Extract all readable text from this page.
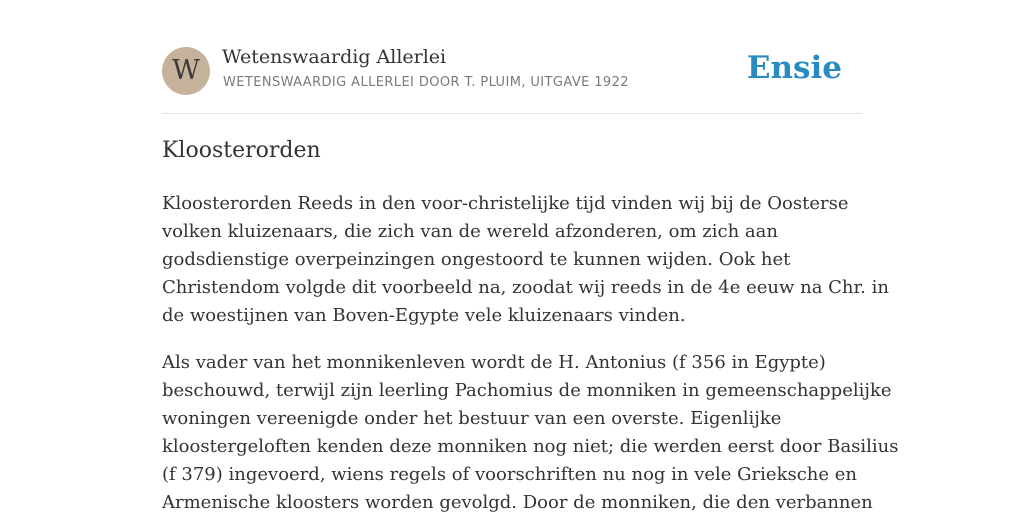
W	Wetenswaardig Allerlei
WETENSWAARDIG ALLERLEI DOOR T. PLUIM, UITGAVE 1922	Ensie
Kloosterorden

Kloosterorden Reeds in den voor-christelijke tijd vinden wij bij de Oosterse
volken kluizenaars, die zich van de wereld afzonderen, om zich aan
godsdienstige overpeinzingen ongestoord te kunnen wijden. Ook het
Christendom volgde dit voorbeeld na, zoodat wij reeds in de 4e eeuw na Chr. in
de woestijnen van Boven-Egypte vele kluizenaars vinden.

Als vader van het monnikenleven wordt de H. Antonius (f 356 in Egypte)
beschouwd, terwijl zijn leerling Pachomius de monniken in gemeenschappelijke
woningen vereenigde onder het bestuur van een overste. Eigenlijke
kloostergeloften kenden deze monniken nog niet; die werden eerst door Basilius
(f 379) ingevoerd, wiens regels of voorschriften nu nog in vele Grieksche en
Armenische kloosters worden gevolgd. Door de monniken, die den verbannen
